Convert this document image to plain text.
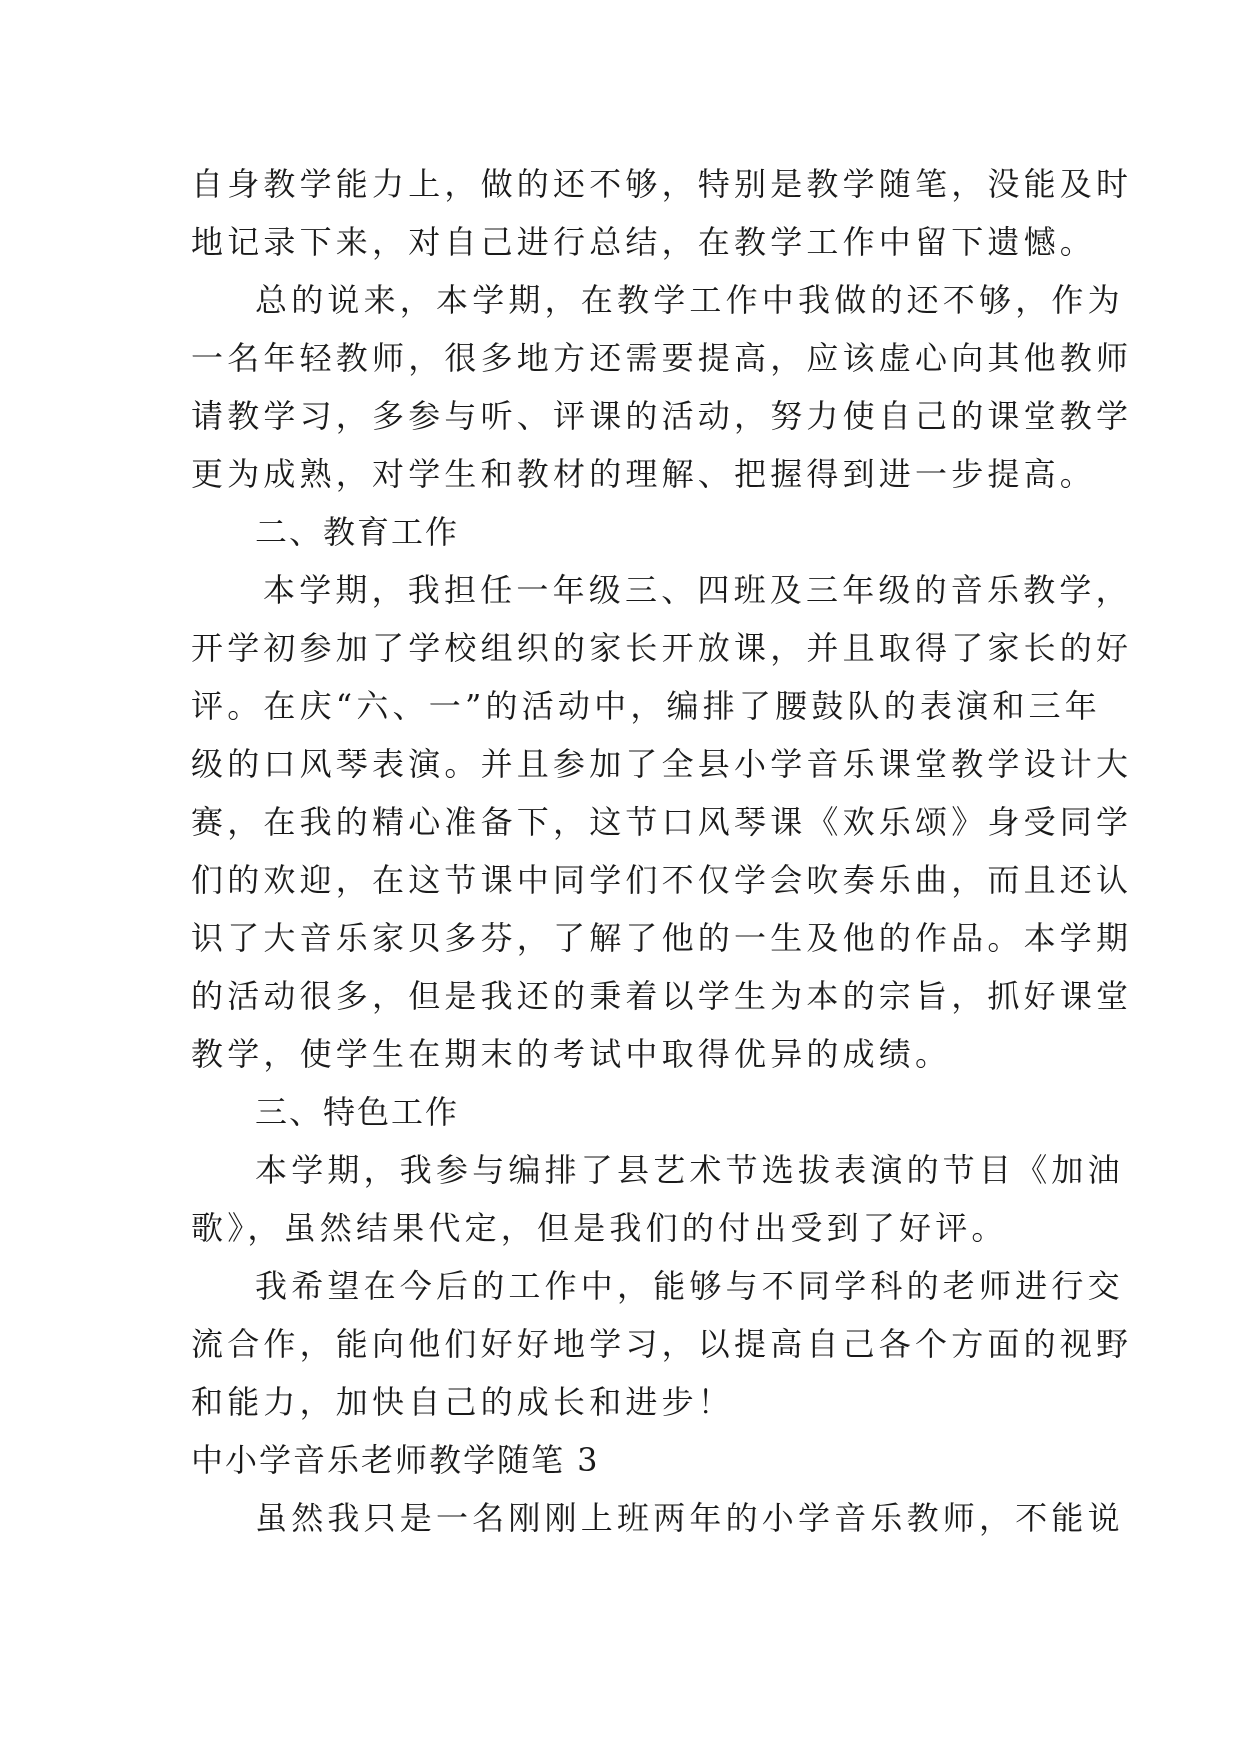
自身教学能力上，做的还不够，特别是教学随笔，没能及时
地记录下来，对自己进行总结，在教学工作中留下遗憾。
总的说来，本学期，在教学工作中我做的还不够，作为
一名年轻教师，很多地方还需要提高，应该虚心向其他教师
请教学习，多参与听、评课的活动，努力使自己的课堂教学
更为成熟，对学生和教材的理解、把握得到进一步提高。
二、教育工作
本学期，我担任一年级三、四班及三年级的音乐教学，
开学初参加了学校组织的家长开放课，并且取得了家长的好
评。在庆“六、一”的活动中，编排了腰鼓队的表演和三年
级的口风琴表演。并且参加了全县小学音乐课堂教学设计大
赛，在我的精心准备下，这节口风琴课《欢乐颂》身受同学
们的欢迎，在这节课中同学们不仅学会吹奏乐曲，而且还认
识了大音乐家贝多芬，了解了他的一生及他的作品。本学期
的活动很多，但是我还的秉着以学生为本的宗旨，抓好课堂
教学，使学生在期末的考试中取得优异的成绩。
三、特色工作
本学期，我参与编排了县艺术节选拔表演的节目《加油
歌》，虽然结果代定，但是我们的付出受到了好评。
我希望在今后的工作中，能够与不同学科的老师进行交
流合作，能向他们好好地学习，以提高自己各个方面的视野
和能力，加快自己的成长和进步！
中小学音乐老师教学随笔 3
虽然我只是一名刚刚上班两年的小学音乐教师，不能说
